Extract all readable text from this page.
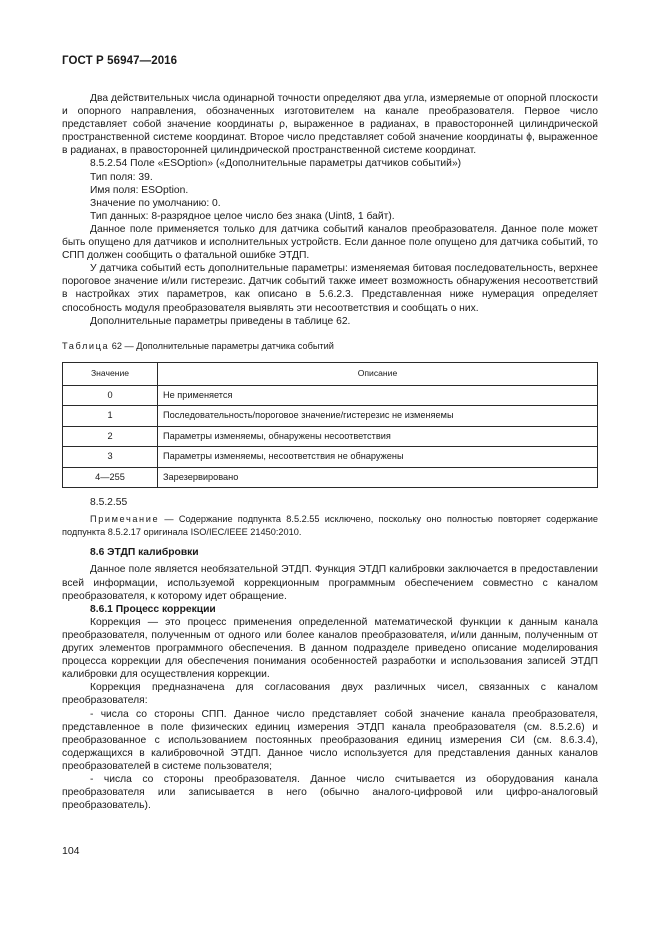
ГОСТ Р 56947—2016

Два действительных числа одинарной точности определяют два угла, измеряемые от опорной плоскости и опорного направления, обозначенных изготовителем на канале преобразователя. Первое число представляет собой значение координаты ρ, выраженное в радианах, в правосторонней цилиндрической пространственной системе координат. Второе число представляет собой значение координаты ϕ, выраженное в радианах, в правосторонней цилиндрической пространственной системе координат.

8.5.2.54 Поле «ESOption» («Дополнительные параметры датчиков событий»)

Тип поля: 39.

Имя поля: ESOption.

Значение по умолчанию: 0.

Тип данных: 8-разрядное целое число без знака (Uint8, 1 байт).

Данное поле применяется только для датчика событий каналов преобразователя. Данное поле может быть опущено для датчиков и исполнительных устройств. Если данное поле опущено для датчика событий, то СПП должен сообщить о фатальной ошибке ЭТДП.

У датчика событий есть дополнительные параметры: изменяемая битовая последовательность, верхнее пороговое значение и/или гистерезис. Датчик событий также имеет возможность обнаружения несоответствий в настройках этих параметров, как описано в 5.6.2.3. Представленная ниже нумерация определяет способность модуля преобразователя выявлять эти несоответствия и сообщать о них.

Дополнительные параметры приведены в таблице 62.

Таблица 62 — Дополнительные параметры датчика событий

Значение	Описание
0	Не применяется
1	Последовательность/пороговое значение/гистерезис не изменяемы
2	Параметры изменяемы, обнаружены несоответствия
3	Параметры изменяемы, несоответствия не обнаружены
4—255	Зарезервировано

8.5.2.55

Примечание — Содержание подпункта 8.5.2.55 исключено, поскольку оно полностью повторяет содержание подпункта 8.5.2.17 оригинала ISO/IEC/IEEE 21450:2010.

8.6 ЭТДП калибровки

Данное поле является необязательной ЭТДП. Функция ЭТДП калибровки заключается в предоставлении всей информации, используемой коррекционным программным обеспечением совместно с каналом преобразователя, к которому идет обращение.

8.6.1 Процесс коррекции

Коррекция — это процесс применения определенной математической функции к данным канала преобразователя, полученным от одного или более каналов преобразователя, и/или данным, полученным от других элементов программного обеспечения. В данном подразделе приведено описание моделирования процесса коррекции для обеспечения понимания особенностей разработки и использования записей ЭТДП калибровки для осуществления коррекции.

Коррекция предназначена для согласования двух различных чисел, связанных с каналом преобразователя:

- числа со стороны СПП. Данное число представляет собой значение канала преобразователя, представленное в поле физических единиц измерения ЭТДП канала преобразователя (см. 8.5.2.6) и преобразованное с использованием постоянных преобразования единиц измерения СИ (см. 8.6.3.4), содержащихся в калибровочной ЭТДП. Данное число используется для представления данных каналов преобразователей в системе пользователя;

- числа со стороны преобразователя. Данное число считывается из оборудования канала преобразователя или записывается в него (обычно аналого-цифровой или цифро-аналоговый преобразователь).

104
